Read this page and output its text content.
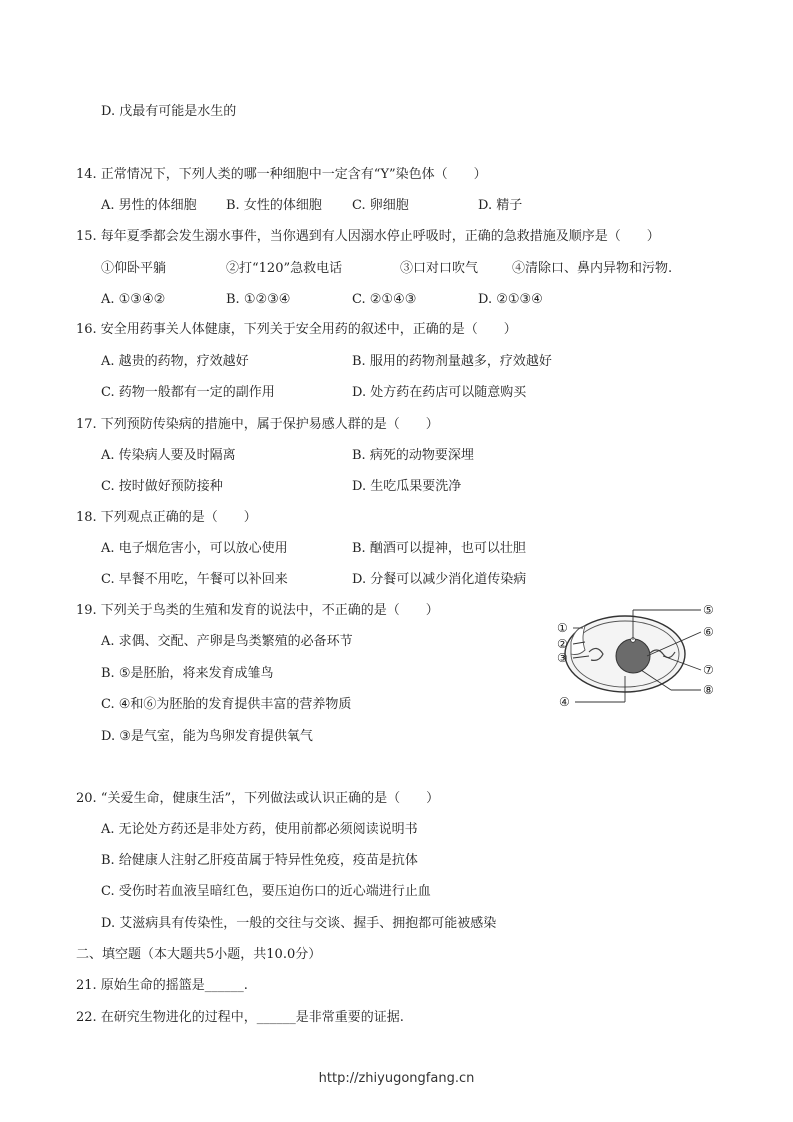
D. 戊最有可能是水生的
14. 正常情况下，下列人类的哪一种细胞中一定含有“Y”染色体（　　）
A. 男性的体细胞 B. 女性的体细胞 C. 卵细胞	D. 精子
15. 每年夏季都会发生溺水事件，当你遇到有人因溺水停止呼吸时，正确的急救措施及顺序是（　　）
①仰卧平躺	②打“120”急救电话	③口对口吹气	④清除口、鼻内异物和污物.
A. ①③④②	B. ①②③④	C. ②①④③	D. ②①③④
16. 安全用药事关人体健康，下列关于安全用药的叙述中，正确的是（　　）
A. 越贵的药物，疗效越好	B. 服用的药物剂量越多，疗效越好
C. 药物一般都有一定的副作用	D. 处方药在药店可以随意购买
17. 下列预防传染病的措施中，属于保护易感人群的是（　　）
A. 传染病人要及时隔离	B. 病死的动物要深埋
C. 按时做好预防接种	D. 生吃瓜果要洗净
18. 下列观点正确的是（　　）
A. 电子烟危害小，可以放心使用	B. 酗酒可以提神，也可以壮胆
C. 早餐不用吃，午餐可以补回来	D. 分餐可以减少消化道传染病
19. 下列关于鸟类的生殖和发育的说法中，不正确的是（　　）
A. 求偶、交配、产卵是鸟类繁殖的必备环节
B. ⑤是胚胎，将来发育成雏鸟
C. ④和⑥为胚胎的发育提供丰富的营养物质
D. ③是气室，能为鸟卵发育提供氧气
①
②
③
④
⑤
⑥
⑦
⑧
20. “关爱生命，健康生活”，下列做法或认识正确的是（　　）
A. 无论处方药还是非处方药，使用前都必须阅读说明书
B. 给健康人注射乙肝疫苗属于特异性免疫，疫苗是抗体
C. 受伤时若血液呈暗红色，要压迫伤口的近心端进行止血
D. 艾滋病具有传染性，一般的交往与交谈、握手、拥抱都可能被感染
二、填空题（本大题共5小题，共10.0分）
21. 原始生命的摇篮是______.
22. 在研究生物进化的过程中，______是非常重要的证据.
http://zhiyugongfang.cn
